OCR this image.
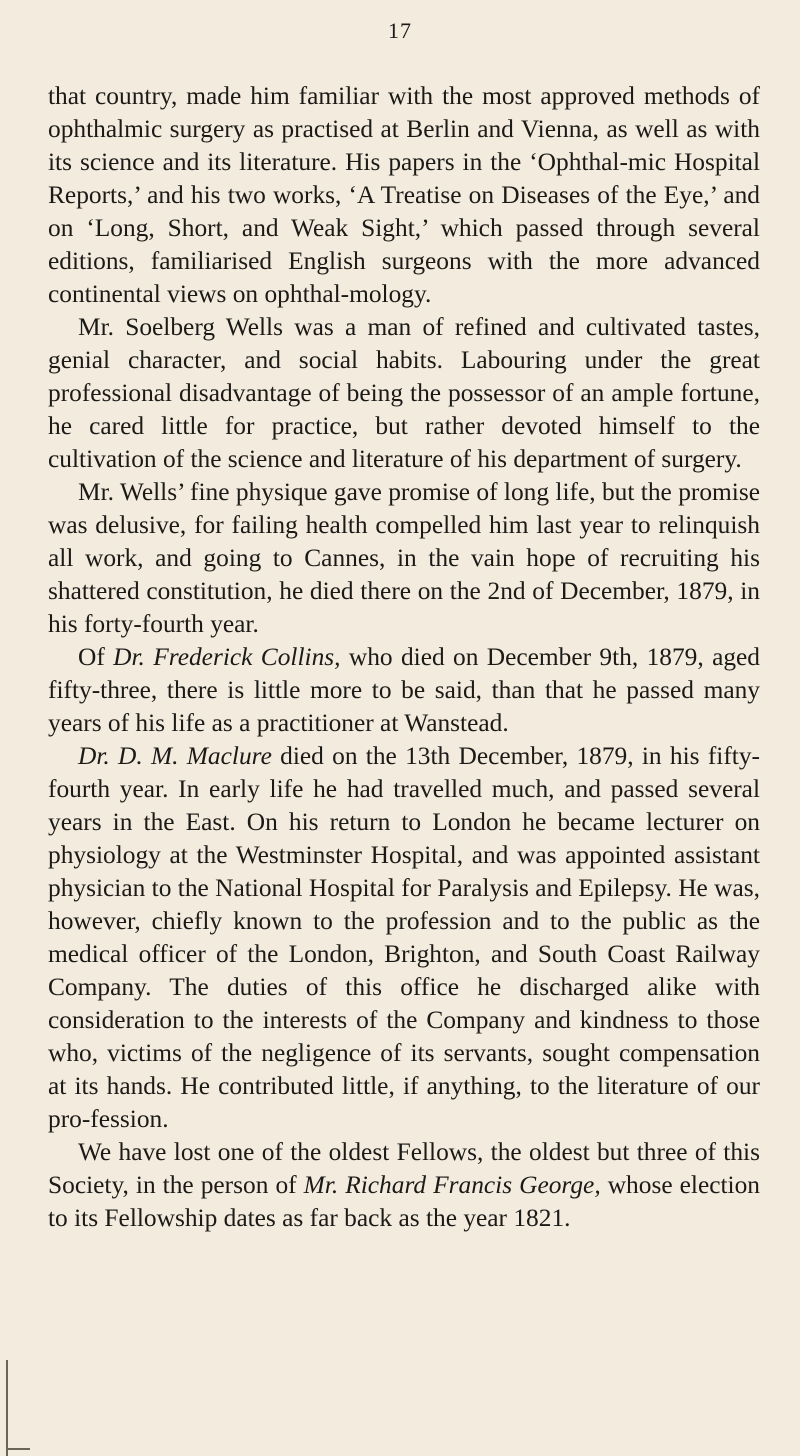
17

that country, made him familiar with the most approved methods of ophthalmic surgery as practised at Berlin and Vienna, as well as with its science and its literature. His papers in the ‘Ophthal-mic Hospital Reports,’ and his two works, ‘A Treatise on Diseases of the Eye,’ and on ‘Long, Short, and Weak Sight,’ which passed through several editions, familiarised English surgeons with the more advanced continental views on ophthal-mology.

Mr. Soelberg Wells was a man of refined and cultivated tastes, genial character, and social habits. Labouring under the great professional disadvantage of being the possessor of an ample fortune, he cared little for practice, but rather devoted himself to the cultivation of the science and literature of his department of surgery.

Mr. Wells’ fine physique gave promise of long life, but the promise was delusive, for failing health compelled him last year to relinquish all work, and going to Cannes, in the vain hope of recruiting his shattered constitution, he died there on the 2nd of December, 1879, in his forty-fourth year.

Of Dr. Frederick Collins, who died on December 9th, 1879, aged fifty-three, there is little more to be said, than that he passed many years of his life as a practitioner at Wanstead.

Dr. D. M. Maclure died on the 13th December, 1879, in his fifty-fourth year. In early life he had travelled much, and passed several years in the East. On his return to London he became lecturer on physiology at the Westminster Hospital, and was appointed assistant physician to the National Hospital for Paralysis and Epilepsy. He was, however, chiefly known to the profession and to the public as the medical officer of the London, Brighton, and South Coast Railway Company. The duties of this office he discharged alike with consideration to the interests of the Company and kindness to those who, victims of the negligence of its servants, sought compensation at its hands. He contributed little, if anything, to the literature of our pro-fession.

We have lost one of the oldest Fellows, the oldest but three of this Society, in the person of Mr. Richard Francis George, whose election to its Fellowship dates as far back as the year 1821.
